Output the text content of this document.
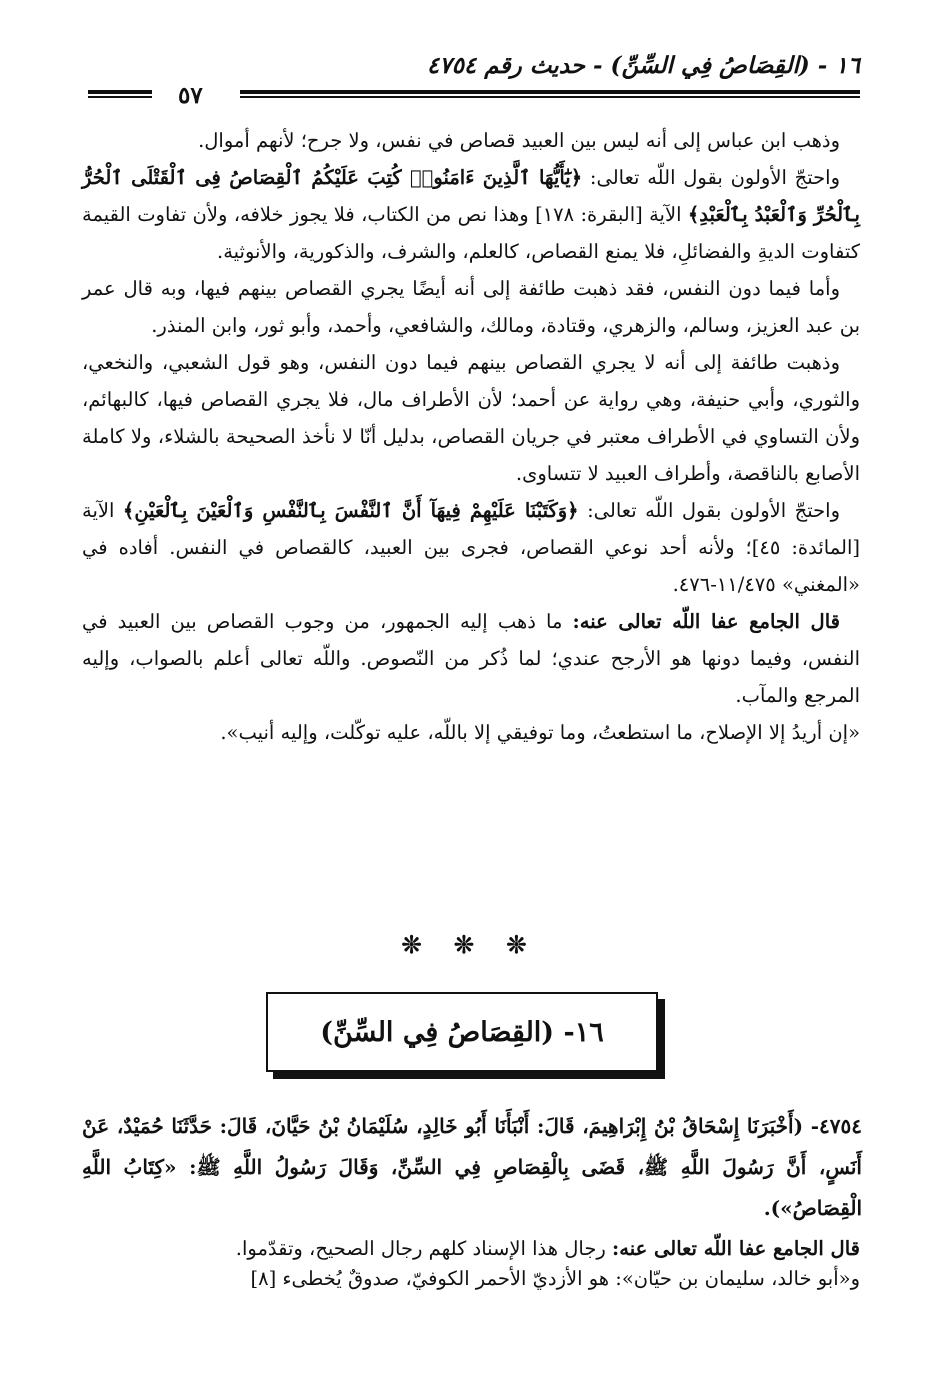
١٦ - (القِصَاصُ فِي السِّنِّ) - حديث رقم ٤٧٥٤
٥٧

وذهب ابن عباس إلى أنه ليس بين العبيد قصاص في نفس، ولا جرح؛ لأنهم أموال.

واحتجّ الأولون بقول اللّه تعالى: ﴿يَٰٓأَيُّهَا ٱلَّذِينَ ءَامَنُوا۟ كُتِبَ عَلَيْكُمُ ٱلْقِصَاصُ فِى ٱلْقَتْلَى ٱلْحُرُّ بِٱلْحُرِّ وَٱلْعَبْدُ بِٱلْعَبْدِ﴾ الآية [البقرة: ١٧٨] وهذا نص من الكتاب، فلا يجوز خلافه، ولأن تفاوت القيمة كتفاوت الديةِ والفضائلِ، فلا يمنع القصاص، كالعلم، والشرف، والذكورية، والأنوثية.

وأما فيما دون النفس، فقد ذهبت طائفة إلى أنه أيضًا يجري القصاص بينهم فيها، وبه قال عمر بن عبد العزيز، وسالم، والزهري، وقتادة، ومالك، والشافعي، وأحمد، وأبو ثور، وابن المنذر.

وذهبت طائفة إلى أنه لا يجري القصاص بينهم فيما دون النفس، وهو قول الشعبي، والنخعي، والثوري، وأبي حنيفة، وهي رواية عن أحمد؛ لأن الأطراف مال، فلا يجري القصاص فيها، كالبهائم، ولأن التساوي في الأطراف معتبر في جريان القصاص، بدليل أنّا لا نأخذ الصحيحة بالشلاء، ولا كاملة الأصابع بالناقصة، وأطراف العبيد لا تتساوى.

واحتجّ الأولون بقول اللّه تعالى: ﴿وَكَتَبْنَا عَلَيْهِمْ فِيهَآ أَنَّ ٱلنَّفْسَ بِٱلنَّفْسِ وَٱلْعَيْنَ بِٱلْعَيْنِ﴾ الآية [المائدة: ٤٥]؛ ولأنه أحد نوعي القصاص، فجرى بين العبيد، كالقصاص في النفس. أفاده في «المغني» ١١/٤٧٥-٤٧٦.

قال الجامع عفا اللّه تعالى عنه: ما ذهب إليه الجمهور، من وجوب القصاص بين العبيد في النفس، وفيما دونها هو الأرجح عندي؛ لما ذُكر من النّصوص. واللّه تعالى أعلم بالصواب، وإليه المرجع والمآب.

«إن أريدُ إلا الإصلاح، ما استطعتُ، وما توفيقي إلا باللّه، عليه توكّلت، وإليه أنيب».

❊ ❊ ❊
١٦- (القِصَاصُ فِي السِّنِّ)
٤٧٥٤- (أَخْبَرَنَا إِسْحَاقُ بْنُ إِبْرَاهِيمَ، قَالَ: أَنْبَأَنَا أَبُو خَالِدٍ، سُلَيْمَانُ بْنُ حَيَّانَ، قَالَ: حَدَّثَنَا حُمَيْدٌ، عَنْ أَنَسٍ، أَنَّ رَسُولَ اللَّهِ ﷺ، قَضَى بِالْقِصَاصِ فِي السِّنِّ، وَقَالَ رَسُولُ اللَّهِ ﷺ: «كِتَابُ اللَّهِ الْقِصَاصُ»).

قال الجامع عفا اللّه تعالى عنه: رجال هذا الإسناد كلهم رجال الصحيح، وتقدّموا.

و«أبو خالد، سليمان بن حيّان»: هو الأزديّ الأحمر الكوفيّ، صدوقٌ يُخطىء [٨]
